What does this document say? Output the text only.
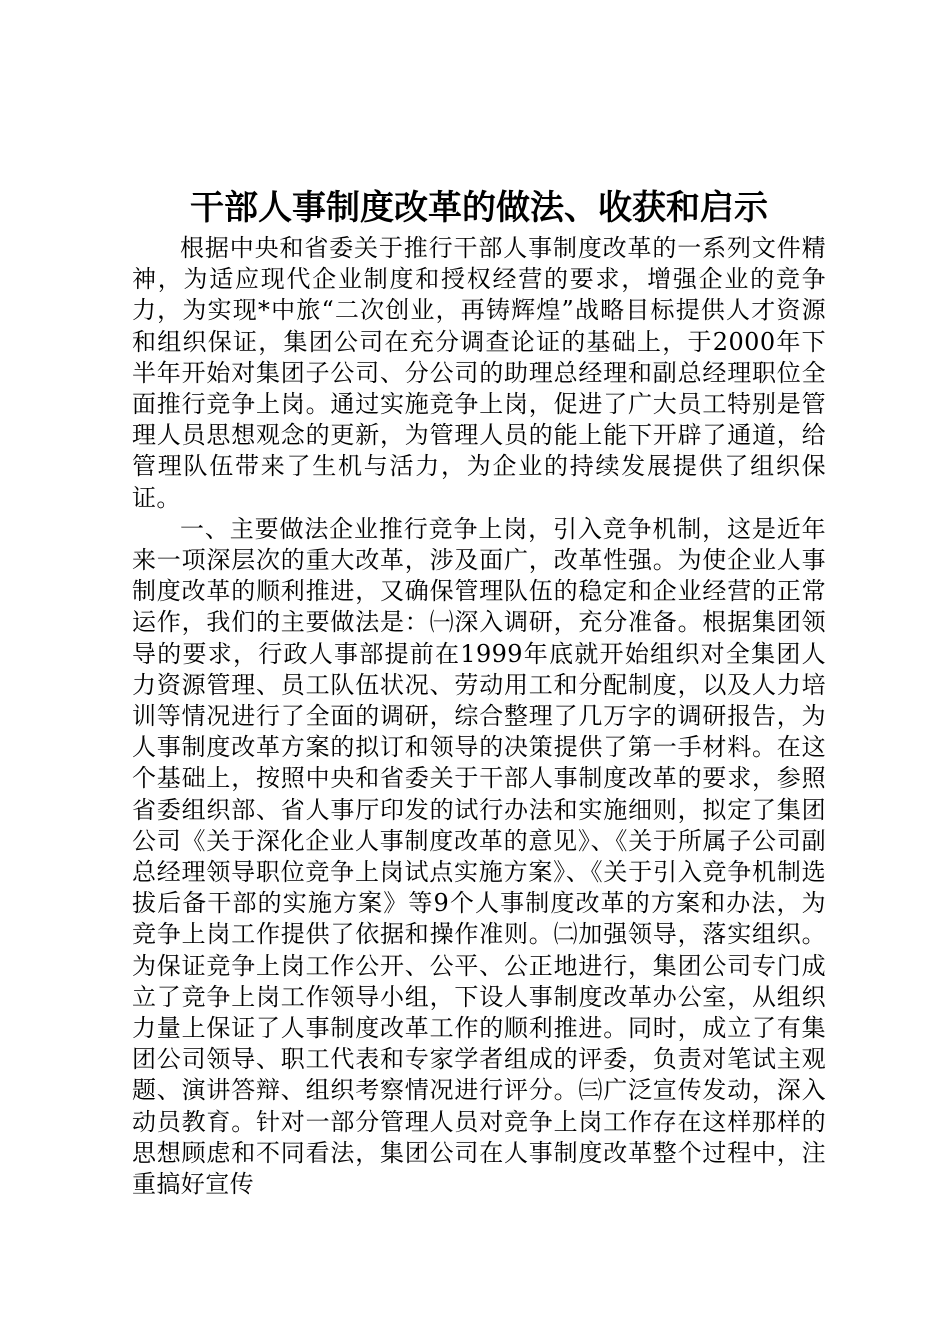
干部人事制度改革的做法、收获和启示

根据中央和省委关于推行干部人事制度改革的一系列文件精神，为适应现代企业制度和授权经营的要求，增强企业的竞争力，为实现*中旅“二次创业，再铸辉煌”战略目标提供人才资源和组织保证，集团公司在充分调查论证的基础上，于2000年下半年开始对集团子公司、分公司的助理总经理和副总经理职位全面推行竞争上岗。通过实施竞争上岗，促进了广大员工特别是管理人员思想观念的更新，为管理人员的能上能下开辟了通道，给管理队伍带来了生机与活力，为企业的持续发展提供了组织保证。

一、主要做法企业推行竞争上岗，引入竞争机制，这是近年来一项深层次的重大改革，涉及面广，改革性强。为使企业人事制度改革的顺利推进，又确保管理队伍的稳定和企业经营的正常运作，我们的主要做法是：㈠深入调研，充分准备。根据集团领导的要求，行政人事部提前在1999年底就开始组织对全集团人力资源管理、员工队伍状况、劳动用工和分配制度，以及人力培训等情况进行了全面的调研，综合整理了几万字的调研报告，为人事制度改革方案的拟订和领导的决策提供了第一手材料。在这个基础上，按照中央和省委关于干部人事制度改革的要求，参照省委组织部、省人事厅印发的试行办法和实施细则，拟定了集团公司《关于深化企业人事制度改革的意见》、《关于所属子公司副总经理领导职位竞争上岗试点实施方案》、《关于引入竞争机制选拔后备干部的实施方案》等9个人事制度改革的方案和办法，为竞争上岗工作提供了依据和操作准则。㈡加强领导，落实组织。为保证竞争上岗工作公开、公平、公正地进行，集团公司专门成立了竞争上岗工作领导小组，下设人事制度改革办公室，从组织力量上保证了人事制度改革工作的顺利推进。同时，成立了有集团公司领导、职工代表和专家学者组成的评委，负责对笔试主观题、演讲答辩、组织考察情况进行评分。㈢广泛宣传发动，深入动员教育。针对一部分管理人员对竞争上岗工作存在这样那样的思想顾虑和不同看法，集团公司在人事制度改革整个过程中，注重搞好宣传
